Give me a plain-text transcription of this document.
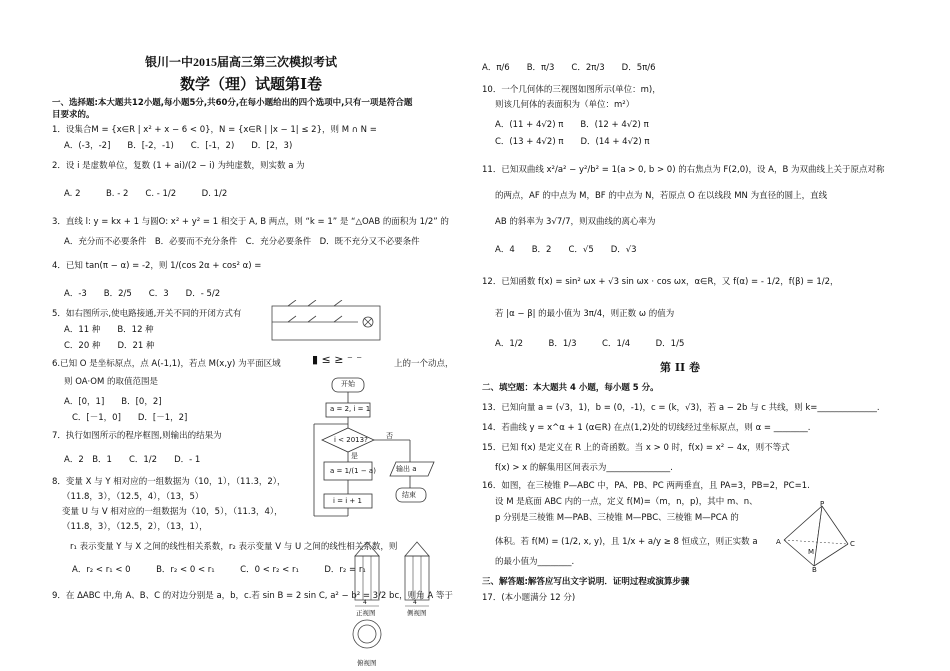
银川一中2015届高三第三次模拟考试
数学（理）试题第Ⅰ卷
一、选择题:本大题共12小题,每小题5分,共60分,在每小题给出的四个选项中,只有一项是符合题
目要求的。
1．设集合M = {x∈R | x² + x − 6 < 0}，N = {x∈R | |x − 1| ≤ 2}，则 M ∩ N =
A．(-3，-2]　　B．[-2，-1)　　C．[-1，2)　　D．[2，3)
2．设 i 是虚数单位，复数 (1 + ai)/(2 − i) 为纯虚数，则实数 a 为
A. 2　　　B. - 2　　C. - 1/2　　　D. 1/2
3．直线 l: y = kx + 1 与圆O: x² + y² = 1 相交于 A, B 两点，则 “k = 1” 是 “△OAB 的面积为 1/2” 的
A．充分而不必要条件　B．必要而不充分条件　C．充分必要条件　D．既不充分又不必要条件
4．已知 tan(π − α) = -2，则 1/(cos 2α + cos² α) =
A．-3　　B．2/5　　C．3　　D．- 5/2
5．如右图所示,使电路接通,开关不同的开闭方式有
A．11 种　　B．12 种
C．20 种　　D．21 种
6.已知 O 是坐标原点，点 A(-1,1)，若点 M(x,y) 为平面区域	▮ ≤ ≥ ⁻ ⁻	上的一个动点，
则 OA·OM 的取值范围是
A．[0，1]　　B．[0，2]
C．[－1，0]　　D．[－1，2]
7．执行如图所示的程序框图,则输出的结果为
A．2　B．1　　C．1/2　　D．- 1
开始
a = 2, i = 1
i < 2013?	否
是
a = 1/(1 − a)
i = i + 1
输出 a
结束
8．变量 X 与 Y 相对应的一组数据为（10，1），（11.3，2），
（11.8，3），（12.5，4），（13，5）
变量 U 与 V 相对应的一组数据为（10，5），（11.3，4），
（11.8，3），（12.5，2），（13，1），
r₁ 表示变量 Y 与 X 之间的线性相关系数，r₂ 表示变量 V 与 U 之间的线性相关系数，则
A．r₂ < r₁ < 0　　　B．r₂ < 0 < r₁　　　C．0 < r₂ < r₁　　　D．r₂ = r₁
9．在 ΔABC 中,角 A、B、C 的对边分别是 a，b，c.若 sin B = 2 sin C, a² − b² = 3/2 bc，则角 A 等于
4	4
正视图	侧视图
俯视图
A．π/6　　B．π/3　　C．2π/3　　D．5π/6
10．一个几何体的三视图如图所示(单位：m)，
则该几何体的表面积为（单位：m²）
A．(11 + 4√2) π　　B．(12 + 4√2) π
C．(13 + 4√2) π　　D．(14 + 4√2) π
11．已知双曲线 x²/a² − y²/b² = 1(a > 0, b > 0) 的右焦点为 F(2,0)，设 A，B 为双曲线上关于原点对称
的两点，AF 的中点为 M，BF 的中点为 N，若原点 O 在以线段 MN 为直径的圆上，直线
AB 的斜率为 3√7/7，则双曲线的离心率为
A．4　　B．2　　C．√5　　D．√3
12．已知函数 f(x) = sin² ωx + √3 sin ωx · cos ωx，α∈R，又 f(α) = - 1/2，f(β) = 1/2，
若 |α − β| 的最小值为 3π/4，则正数 ω 的值为
A．1/2　　　B．1/3　　　C．1/4　　　D．1/5
第 II 卷
二、填空题：本大题共 4 小题，每小题 5 分。
13．已知向量 a = (√3，1)，b = (0，-1)，c = (k，√3)，若 a − 2b 与 c 共线，则 k=______________.
14．若曲线 y = x^α + 1 (α∈R) 在点(1,2)处的切线经过坐标原点，则 α = ________.
15．已知 f(x) 是定义在 R 上的奇函数。当 x > 0 时，f(x) = x² − 4x，则不等式
f(x) > x 的解集用区间表示为_______________.
16．如图，在三棱锥 P—ABC 中，PA、PB、PC 两两垂直，且 PA=3，PB=2，PC=1.
设 M 是底面 ABC 内的一点，定义 f(M)=（m，n，p)，其中 m、n、
p 分别是三棱锥 M—PAB、三棱锥 M—PBC、三棱锥 M—PCA 的
体积。若 f(M) = (1/2, x, y)，且 1/x + a/y ≥ 8 恒成立，则正实数 a
的最小值为________.
P
A	C
M
B
三、解答题:解答应写出文字说明．证明过程或演算步骤
17．(本小题满分 12 分)
